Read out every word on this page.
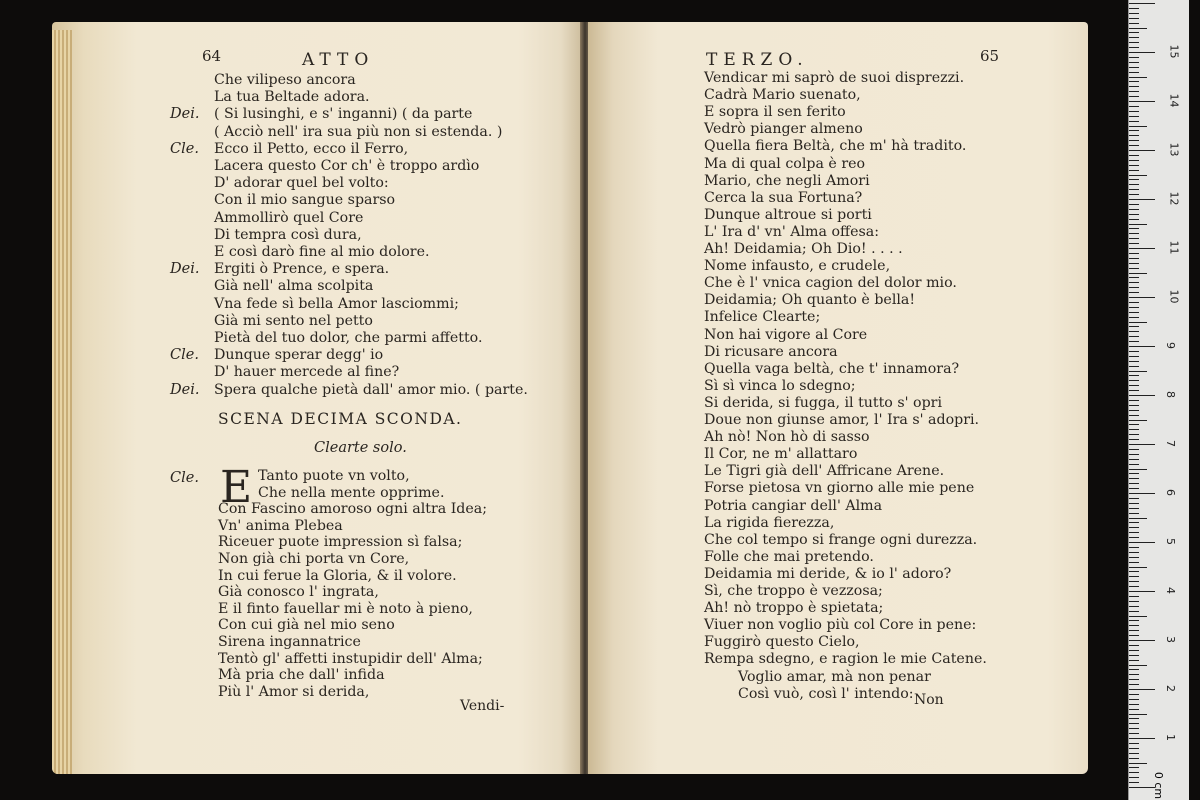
64	ATTO
Che vilipeso ancora
La tua Beltade adora.
( Si lusinghi, e s' inganni) ( da parte
( Acciò nell' ira sua più non si estenda. )
Ecco il Petto, ecco il Ferro,
Lacera questo Cor ch' è troppo ardìo
D' adorar quel bel volto:
Con il mio sangue sparso
Ammollirò quel Core
Di tempra così dura,
E così darò fine al mio dolore.
Ergiti ò Prence, e spera.
Già nell' alma scolpita
Vna fede sì bella Amor lasciommi;
Già mi sento nel petto
Pietà del tuo dolor, che parmi affetto.
Dunque sperar degg' io
D' hauer mercede al fine?
Spera qualche pietà dall' amor mio. ( parte.
Dei.
Cle.
Dei.
Cle.
Dei.
Cle.
SCENA DECIMA SCONDA.
Clearte solo.
E Tanto puote vn volto,
Che nella mente opprime.
Con Fascino amoroso ogni altra Idea;
Vn' anima Plebea
Riceuer puote impression sì falsa;
Non già chi porta vn Core,
In cui ferue la Gloria, & il volore.
Già conosco l' ingrata,
E il finto fauellar mi è noto à pieno,
Con cui già nel mio seno
Sirena ingannatrice
Tentò gl' affetti instupidir dell' Alma;
Mà pria che dall' infida
Più l' Amor si derida,
Vendi-
TERZO.	65
Vendicar mi saprò de suoi disprezzi.
Cadrà Mario suenato,
E sopra il sen ferito
Vedrò pianger almeno
Quella fiera Beltà, che m' hà tradito.
Ma di qual colpa è reo
Mario, che negli Amori
Cerca la sua Fortuna?
Dunque altroue si porti
L' Ira d' vn' Alma offesa:
Ah! Deidamia; Oh Dio! . . . .
Nome infausto, e crudele,
Che è l' vnica cagion del dolor mio.
Deidamia; Oh quanto è bella!
Infelice Clearte;
Non hai vigore al Core
Di ricusare ancora
Quella vaga beltà, che t' innamora?
Sì sì vinca lo sdegno;
Si derida, si fugga, il tutto s' opri
Doue non giunse amor, l' Ira s' adopri.
Ah nò! Non hò di sasso
Il Cor, ne m' allattaro
Le Tigri già dell' Affricane Arene.
Forse pietosa vn giorno alle mie pene
Potria cangiar dell' Alma
La rigida fierezza,
Che col tempo si frange ogni durezza.
Folle che mai pretendo.
Deidamia mi deride, & io l' adoro?
Sì, che troppo è vezzosa;
Ah! nò troppo è spietata;
Viuer non voglio più col Core in pene:
Fuggirò questo Cielo,
Rempa sdegno, e ragion le mie Catene.
Voglio amar, mà non penar
Così vuò, così l' intendo: Non
15
14
13
12
11
10
9
8
7
6
5
4
3
2
1
0 cm
